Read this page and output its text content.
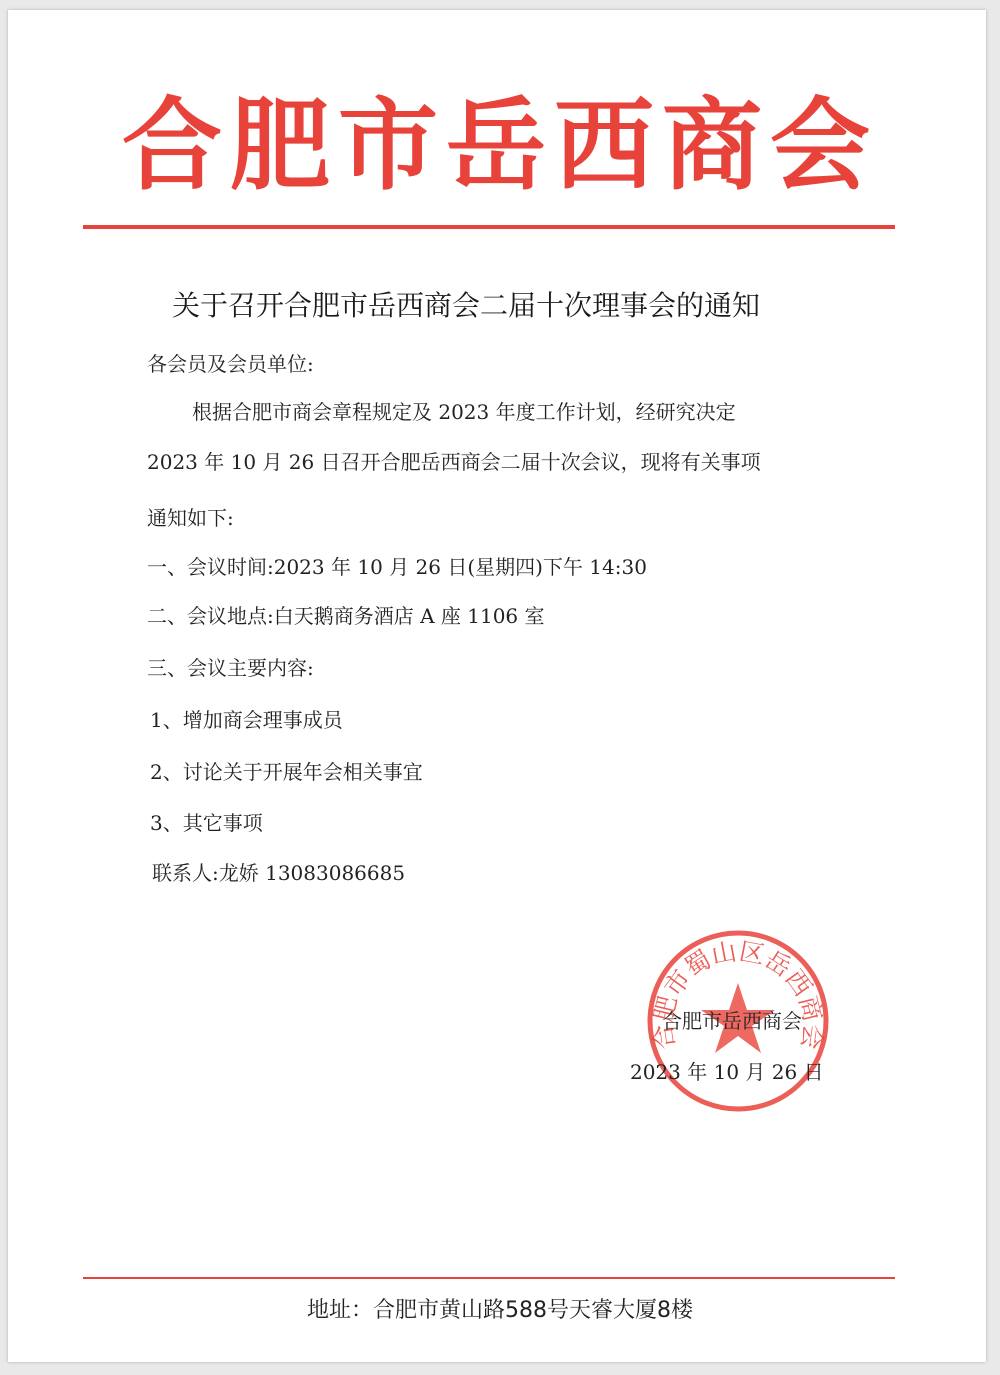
合肥市岳西商会
关于召开合肥市岳西商会二届十次理事会的通知
各会员及会员单位:
根据合肥市商会章程规定及 2023 年度工作计划，经研究决定
2023 年 10 月 26 日召开合肥岳西商会二届十次会议，现将有关事项
通知如下:
一、会议时间:2023 年 10 月 26 日(星期四)下午 14:30
二、会议地点:白天鹅商务酒店 A 座 1106 室
三、会议主要内容:
1、增加商会理事成员
2、讨论关于开展年会相关事宜
3、其它事项
联系人:龙娇 13083086685
合肥市蜀山区岳西商会
合肥市岳西商会
2023 年 10 月 26 日
地址：合肥市黄山路588号天睿大厦8楼
